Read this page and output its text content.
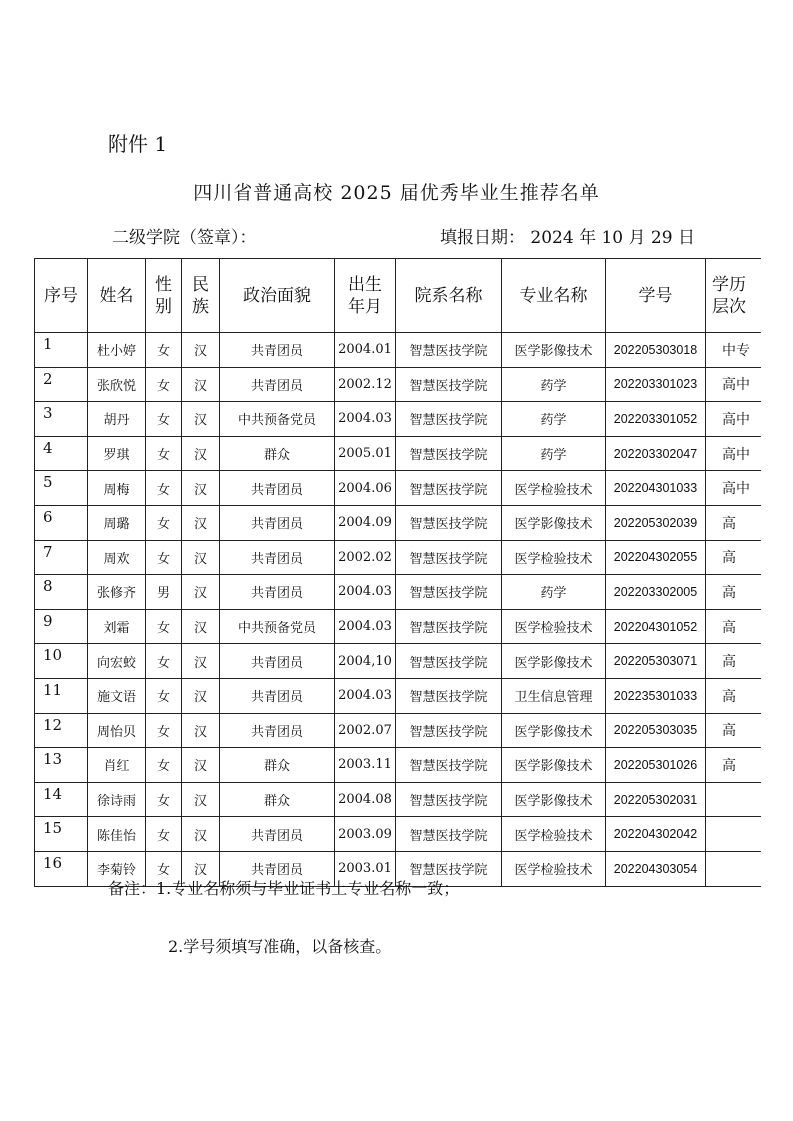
附件 1
四川省普通高校 2025 届优秀毕业生推荐名单
二级学院（签章）：	填报日期： 2024 年 10 月 29 日
序号	姓名	性别	民族	政治面貌	出生年月	院系名称	专业名称	学号	学历层次
1	杜小婷	女	汉	共青团员	2004.01	智慧医技学院	医学影像技术	202205303018	中专
2	张欣悦	女	汉	共青团员	2002.12	智慧医技学院	药学	202203301023	高中
3	胡丹	女	汉	中共预备党员	2004.03	智慧医技学院	药学	202203301052	高中
4	罗琪	女	汉	群众	2005.01	智慧医技学院	药学	202203302047	高中
5	周梅	女	汉	共青团员	2004.06	智慧医技学院	医学检验技术	202204301033	高中
6	周璐	女	汉	共青团员	2004.09	智慧医技学院	医学影像技术	202205302039	高
7	周欢	女	汉	共青团员	2002.02	智慧医技学院	医学检验技术	202204302055	高
8	张修齐	男	汉	共青团员	2004.03	智慧医技学院	药学	202203302005	高
9	刘霜	女	汉	中共预备党员	2004.03	智慧医技学院	医学检验技术	202204301052	高
10	向宏蛟	女	汉	共青团员	2004,10	智慧医技学院	医学影像技术	202205303071	高
11	施文语	女	汉	共青团员	2004.03	智慧医技学院	卫生信息管理	202235301033	高
12	周怡贝	女	汉	共青团员	2002.07	智慧医技学院	医学影像技术	202205303035	高
13	肖红	女	汉	群众	2003.11	智慧医技学院	医学影像技术	202205301026	高
14	徐诗雨	女	汉	群众	2004.08	智慧医技学院	医学影像技术	202205302031	
15	陈佳怡	女	汉	共青团员	2003.09	智慧医技学院	医学检验技术	202204302042	
16	李菊铃	女	汉	共青团员	2003.01	智慧医技学院	医学检验技术	202204303054	
备注：1.专业名称须与毕业证书上专业名称一致；
2.学号须填写准确，以备核查。
